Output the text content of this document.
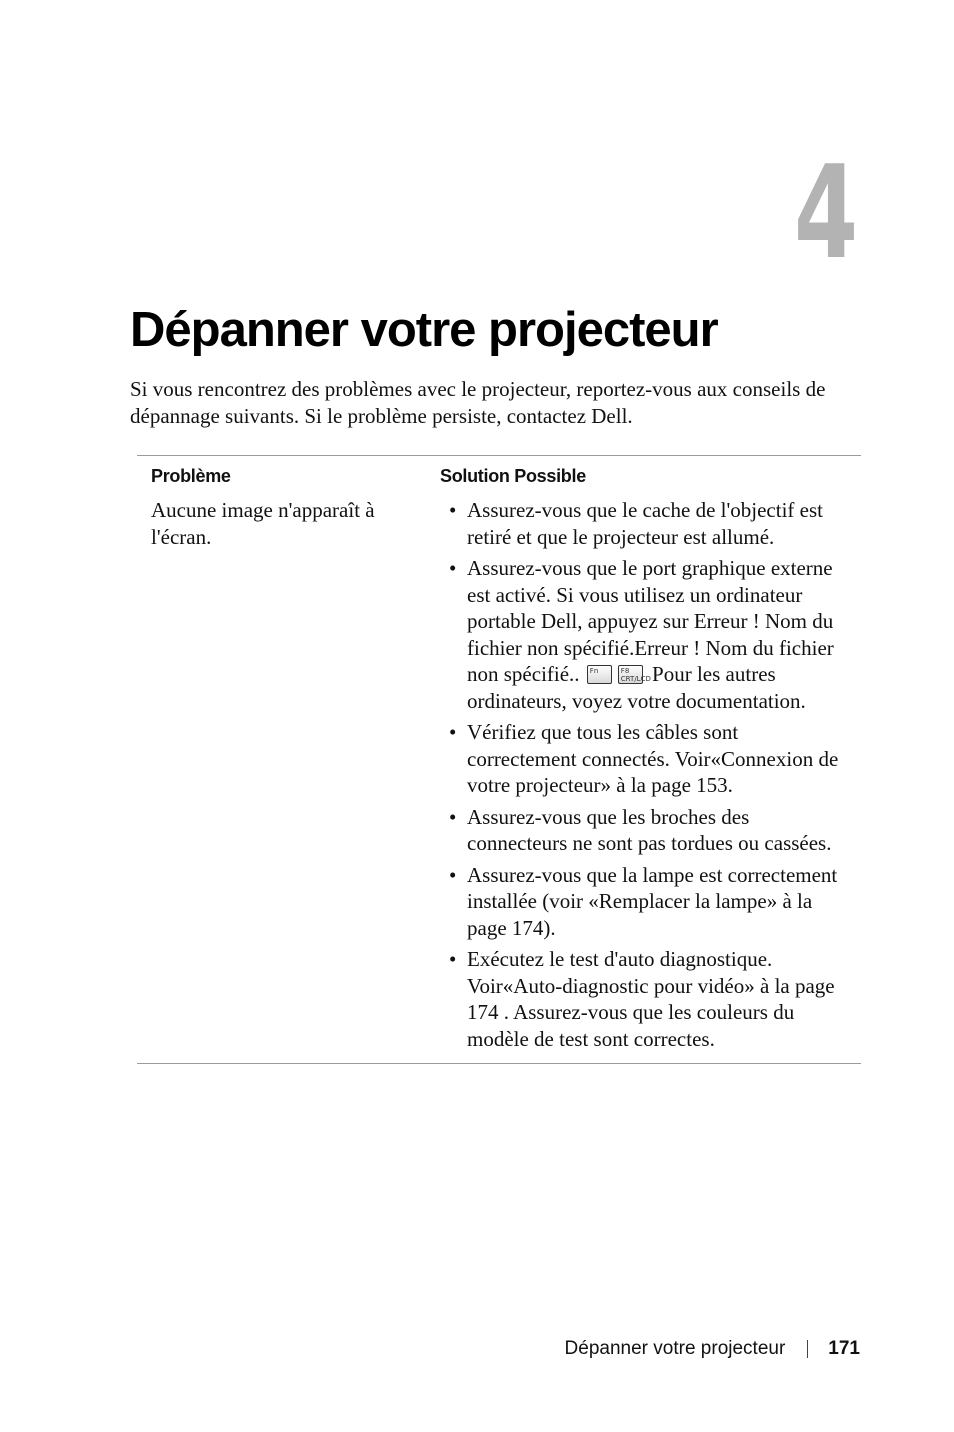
4
Dépanner votre projecteur

Si vous rencontrez des problèmes avec le projecteur, reportez-vous aux conseils de dépannage suivants. Si le problème persiste, contactez Dell.

Problème	Solution Possible
Aucune image n'apparaît à l'écran.
• Assurez-vous que le cache de l'objectif est retiré et que le projecteur est allumé.
• Assurez-vous que le port graphique externe est activé. Si vous utilisez un ordinateur portable Dell, appuyez sur Erreur ! Nom du fichier non spécifié.Erreur ! Nom du fichier non spécifié.. Fn	F8 CRT/LCD Pour les autres ordinateurs, voyez votre documentation.
• Vérifiez que tous les câbles sont correctement connectés. Voir«Connexion de votre projecteur» à la page 153.
• Assurez-vous que les broches des connecteurs ne sont pas tordues ou cassées.
• Assurez-vous que la lampe est correctement installée (voir «Remplacer la lampe» à la page 174).
• Exécutez le test d'auto diagnostique. Voir«Auto-diagnostic pour vidéo» à la page 174 . Assurez-vous que les couleurs du modèle de test sont correctes.
Dépanner votre projecteur 171
